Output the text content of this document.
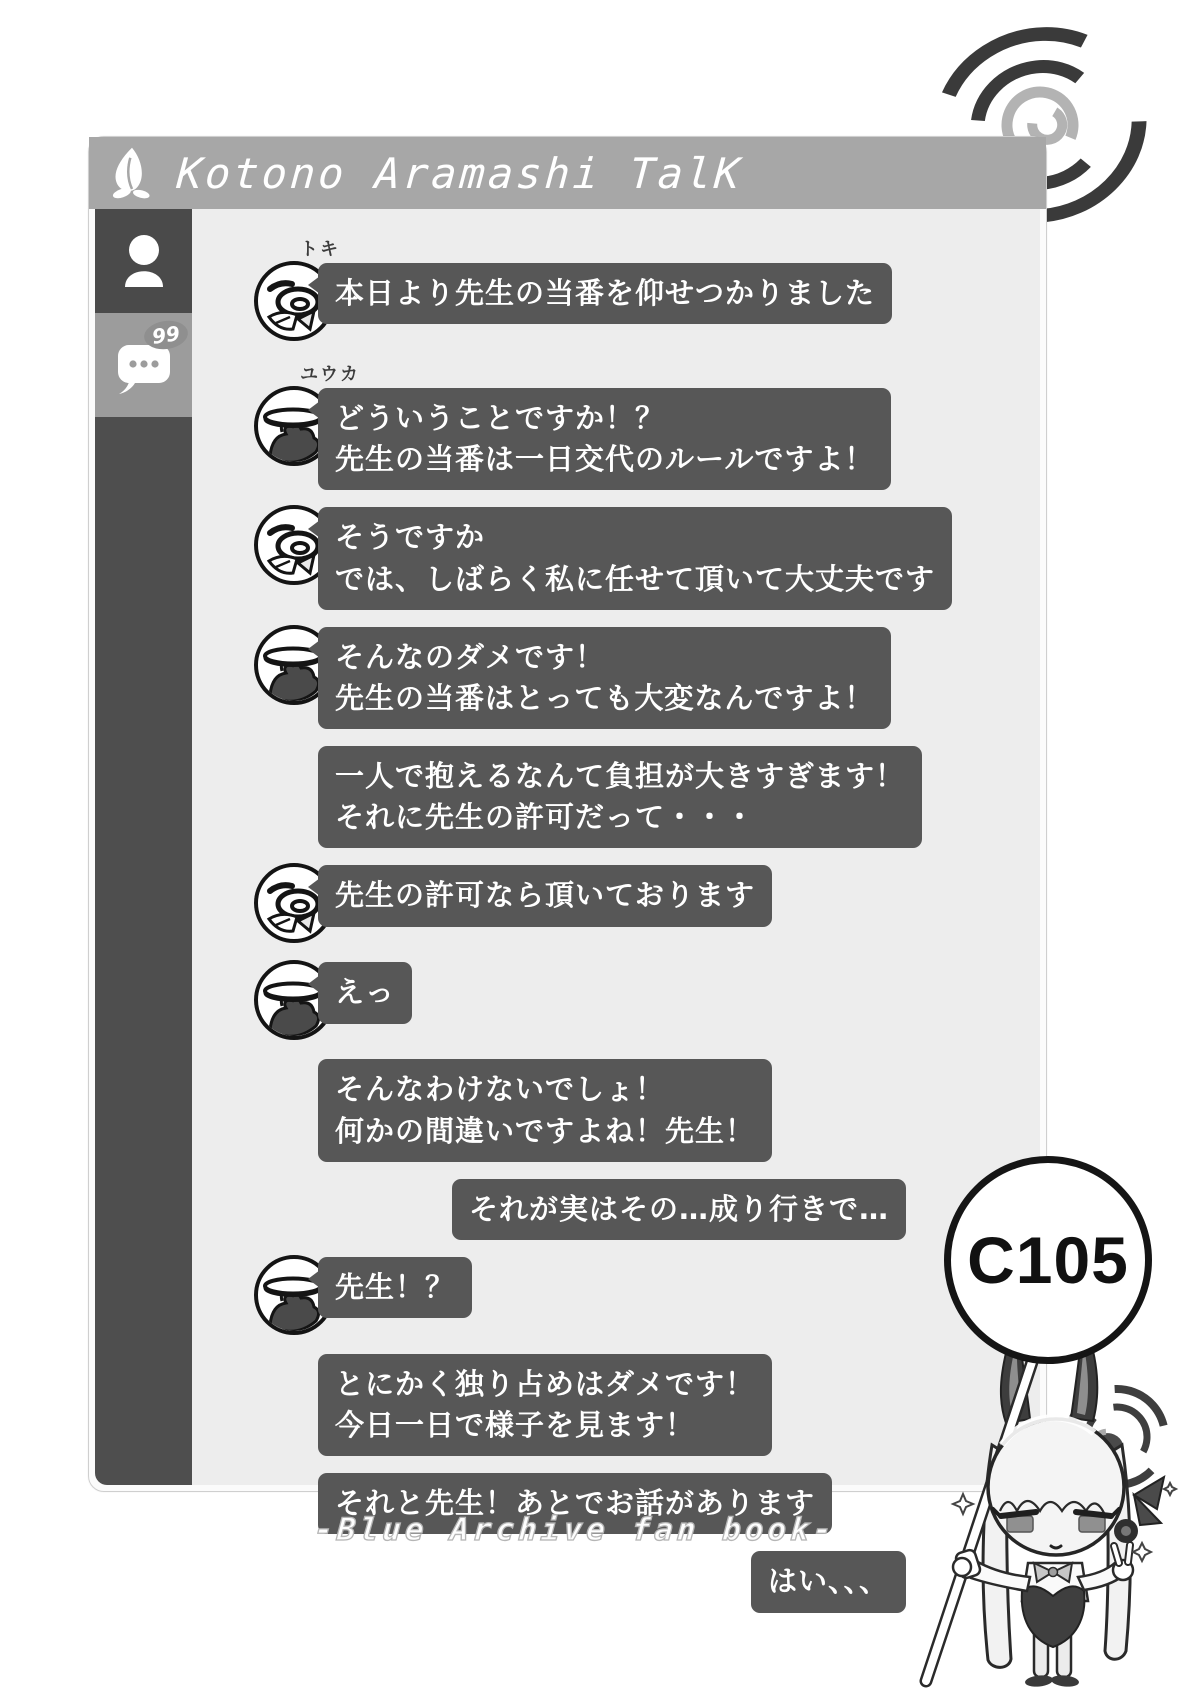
Kotono Aramashi TalK
99
トキ
本日より先生の当番を仰せつかりました
ユウカ
どういうことですか！？
先生の当番は一日交代のルールですよ！
そうですか
では、しばらく私に任せて頂いて大丈夫です
そんなのダメです！
先生の当番はとっても大変なんですよ！
一人で抱えるなんて負担が大きすぎます！
それに先生の許可だって・・・
先生の許可なら頂いております
えっ
そんなわけないでしょ！
何かの間違いですよね！先生！
それが実はその…成り行きで…
先生！？
とにかく独り占めはダメです！
今日一日で様子を見ます！
それと先生！あとでお話があります
はい、、、
C105
-Blue Archive fan book-
